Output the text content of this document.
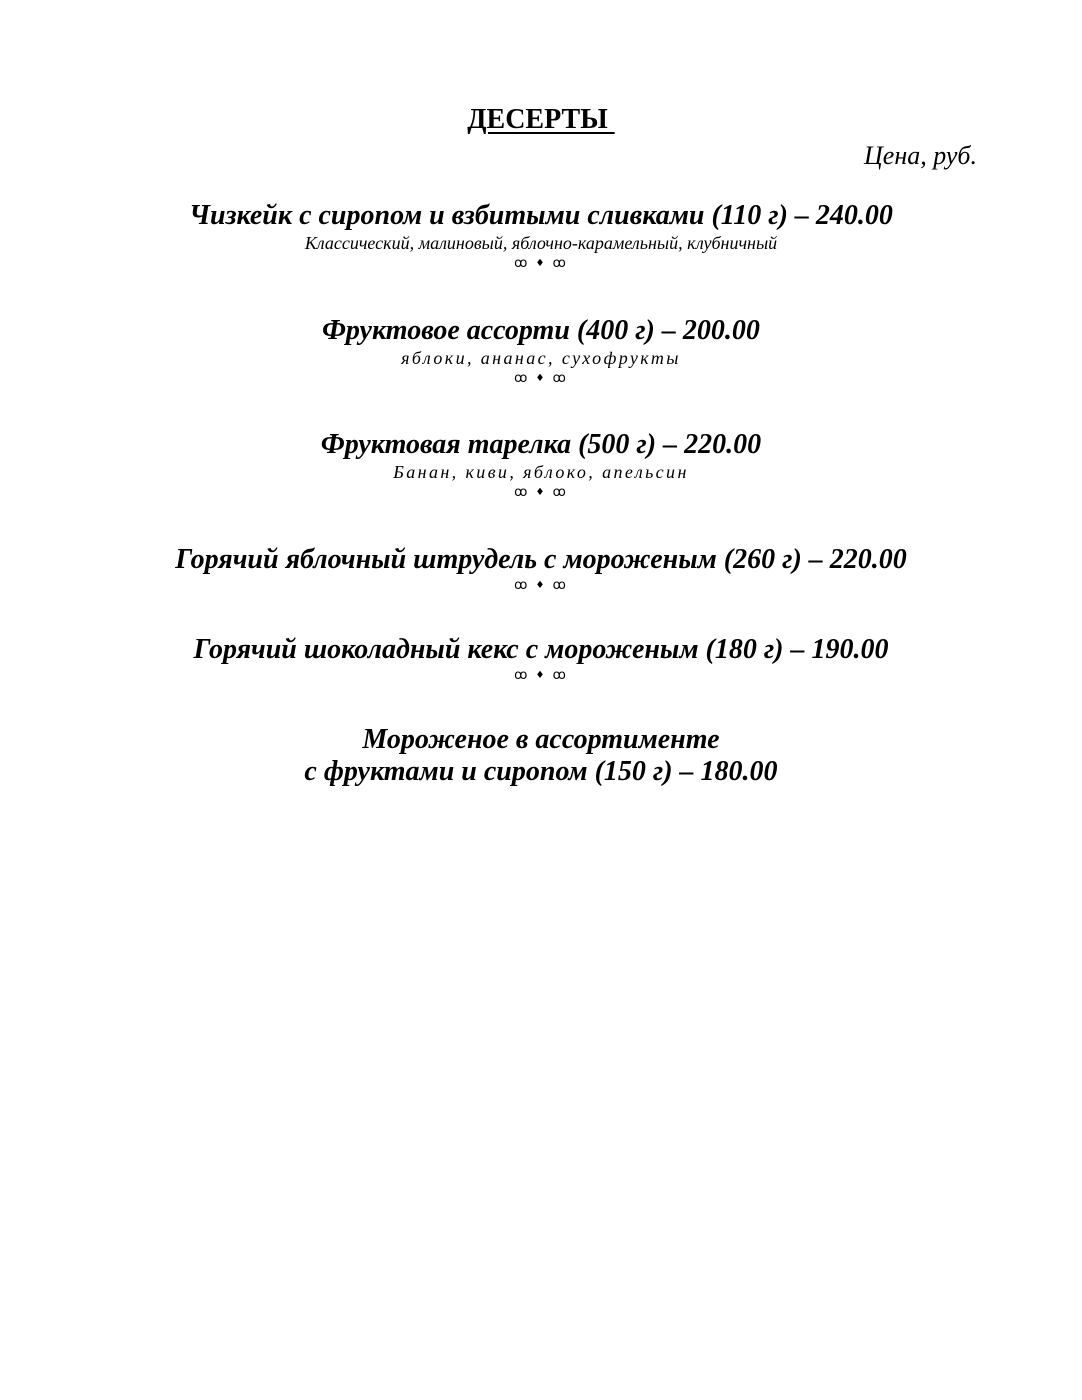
ДЕСЕРТЫ
Цена, руб.
Чизкейк с сиропом и взбитыми сливками (110 г) – 240.00
Классический, малиновый, яблочно-карамельный, клубничный
ꝏ ♦ ꝏ
Фруктовое ассорти (400 г) – 200.00
яблоки, ананас, сухофрукты
ꝏ ♦ ꝏ
Фруктовая тарелка (500 г) – 220.00
Банан, киви, яблоко, апельсин
ꝏ ♦ ꝏ
Горячий яблочный штрудель с мороженым (260 г) – 220.00
ꝏ ♦ ꝏ
Горячий шоколадный кекс с мороженым (180 г) – 190.00
ꝏ ♦ ꝏ
Мороженое в ассортименте
с фруктами и сиропом (150 г) – 180.00
